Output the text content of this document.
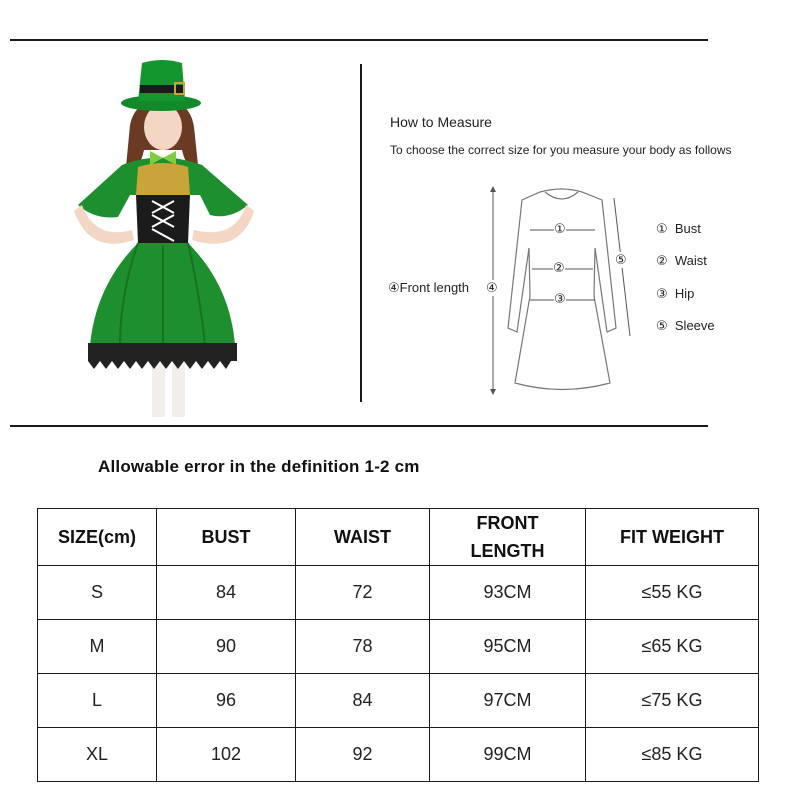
How to Measure
To choose the correct size for you measure your body as follows
①
②
③
⑤
④
④Front length
① Bust
② Waist
③ Hip
⑤ Sleeve
Allowable error in the definition 1-2 cm
SIZE(cm)	BUST	WAIST	FRONT LENGTH	FIT WEIGHT
S	84	72	93CM	≤55 KG
M	90	78	95CM	≤65 KG
L	96	84	97CM	≤75 KG
XL	102	92	99CM	≤85 KG
